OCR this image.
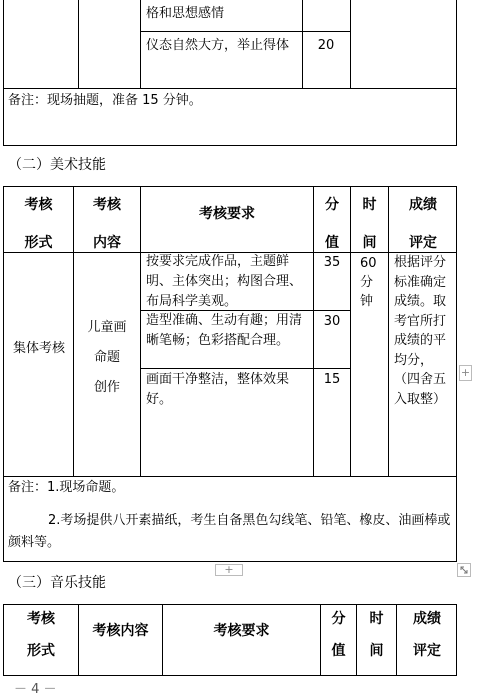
格和思想感情
仪态自然大方，举止得体	20
备注：现场抽题，准备 15 分钟。
（二）美术技能
考核
形式
考核
内容
考核要求
分
值
时
间
成绩
评定
集体考核
儿童画
命题
创作
按要求完成作品，主题鲜明、主体突出；构图合理、布局科学美观。
造型准确、生动有趣；用清晰笔畅；色彩搭配合理。
画面干净整洁，整体效果好。
35
30
15
60分钟
根据评分标准确定成绩。取考官所打成绩的平均分，（四舍五入取整）
备注：1.现场命题。
2.考场提供八开素描纸，考生自备黑色勾线笔、铅笔、橡皮、油画棒或颜料等。
+
+
（三）音乐技能
考核
形式
考核内容	考核要求
分
值
时
间
成绩
评定
－ 4 －
